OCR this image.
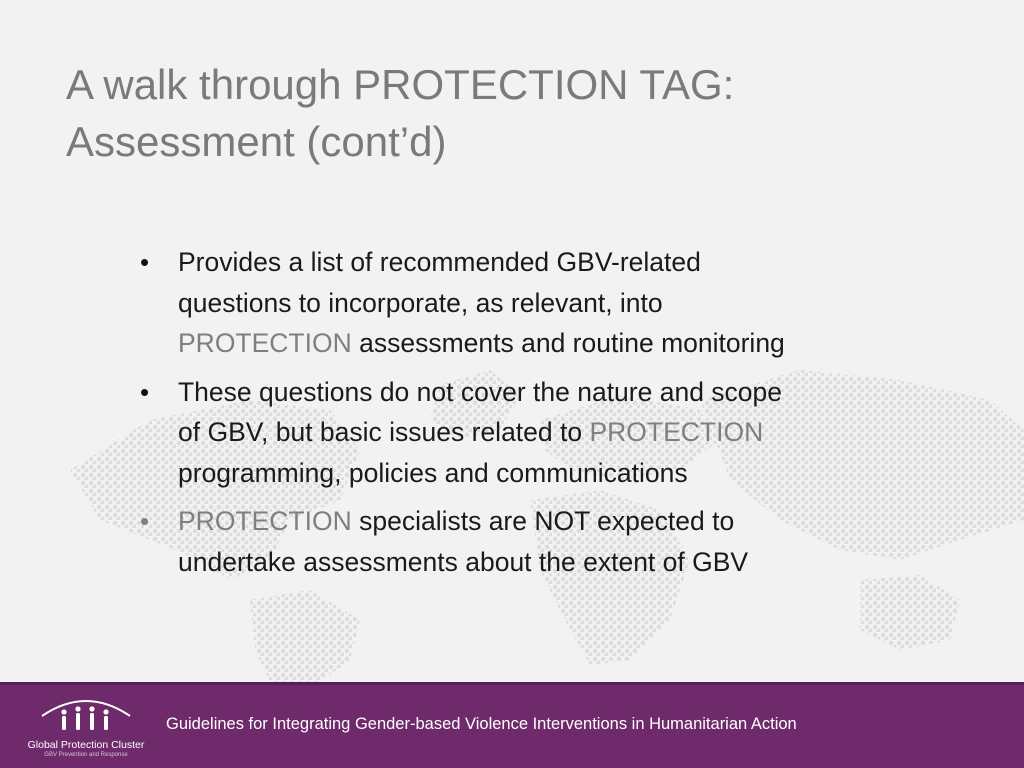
A walk through PROTECTION TAG:
Assessment (cont’d)
• Provides a list of recommended GBV-related
questions to incorporate, as relevant, into
PROTECTION assessments and routine monitoring
• These questions do not cover the nature and scope
of GBV, but basic issues related to PROTECTION
programming, policies and communications
• PROTECTION specialists are NOT expected to
undertake assessments about the extent of GBV
Global Protection Cluster
GBV Prevention and Response
Guidelines for Integrating Gender-based Violence Interventions in Humanitarian Action
